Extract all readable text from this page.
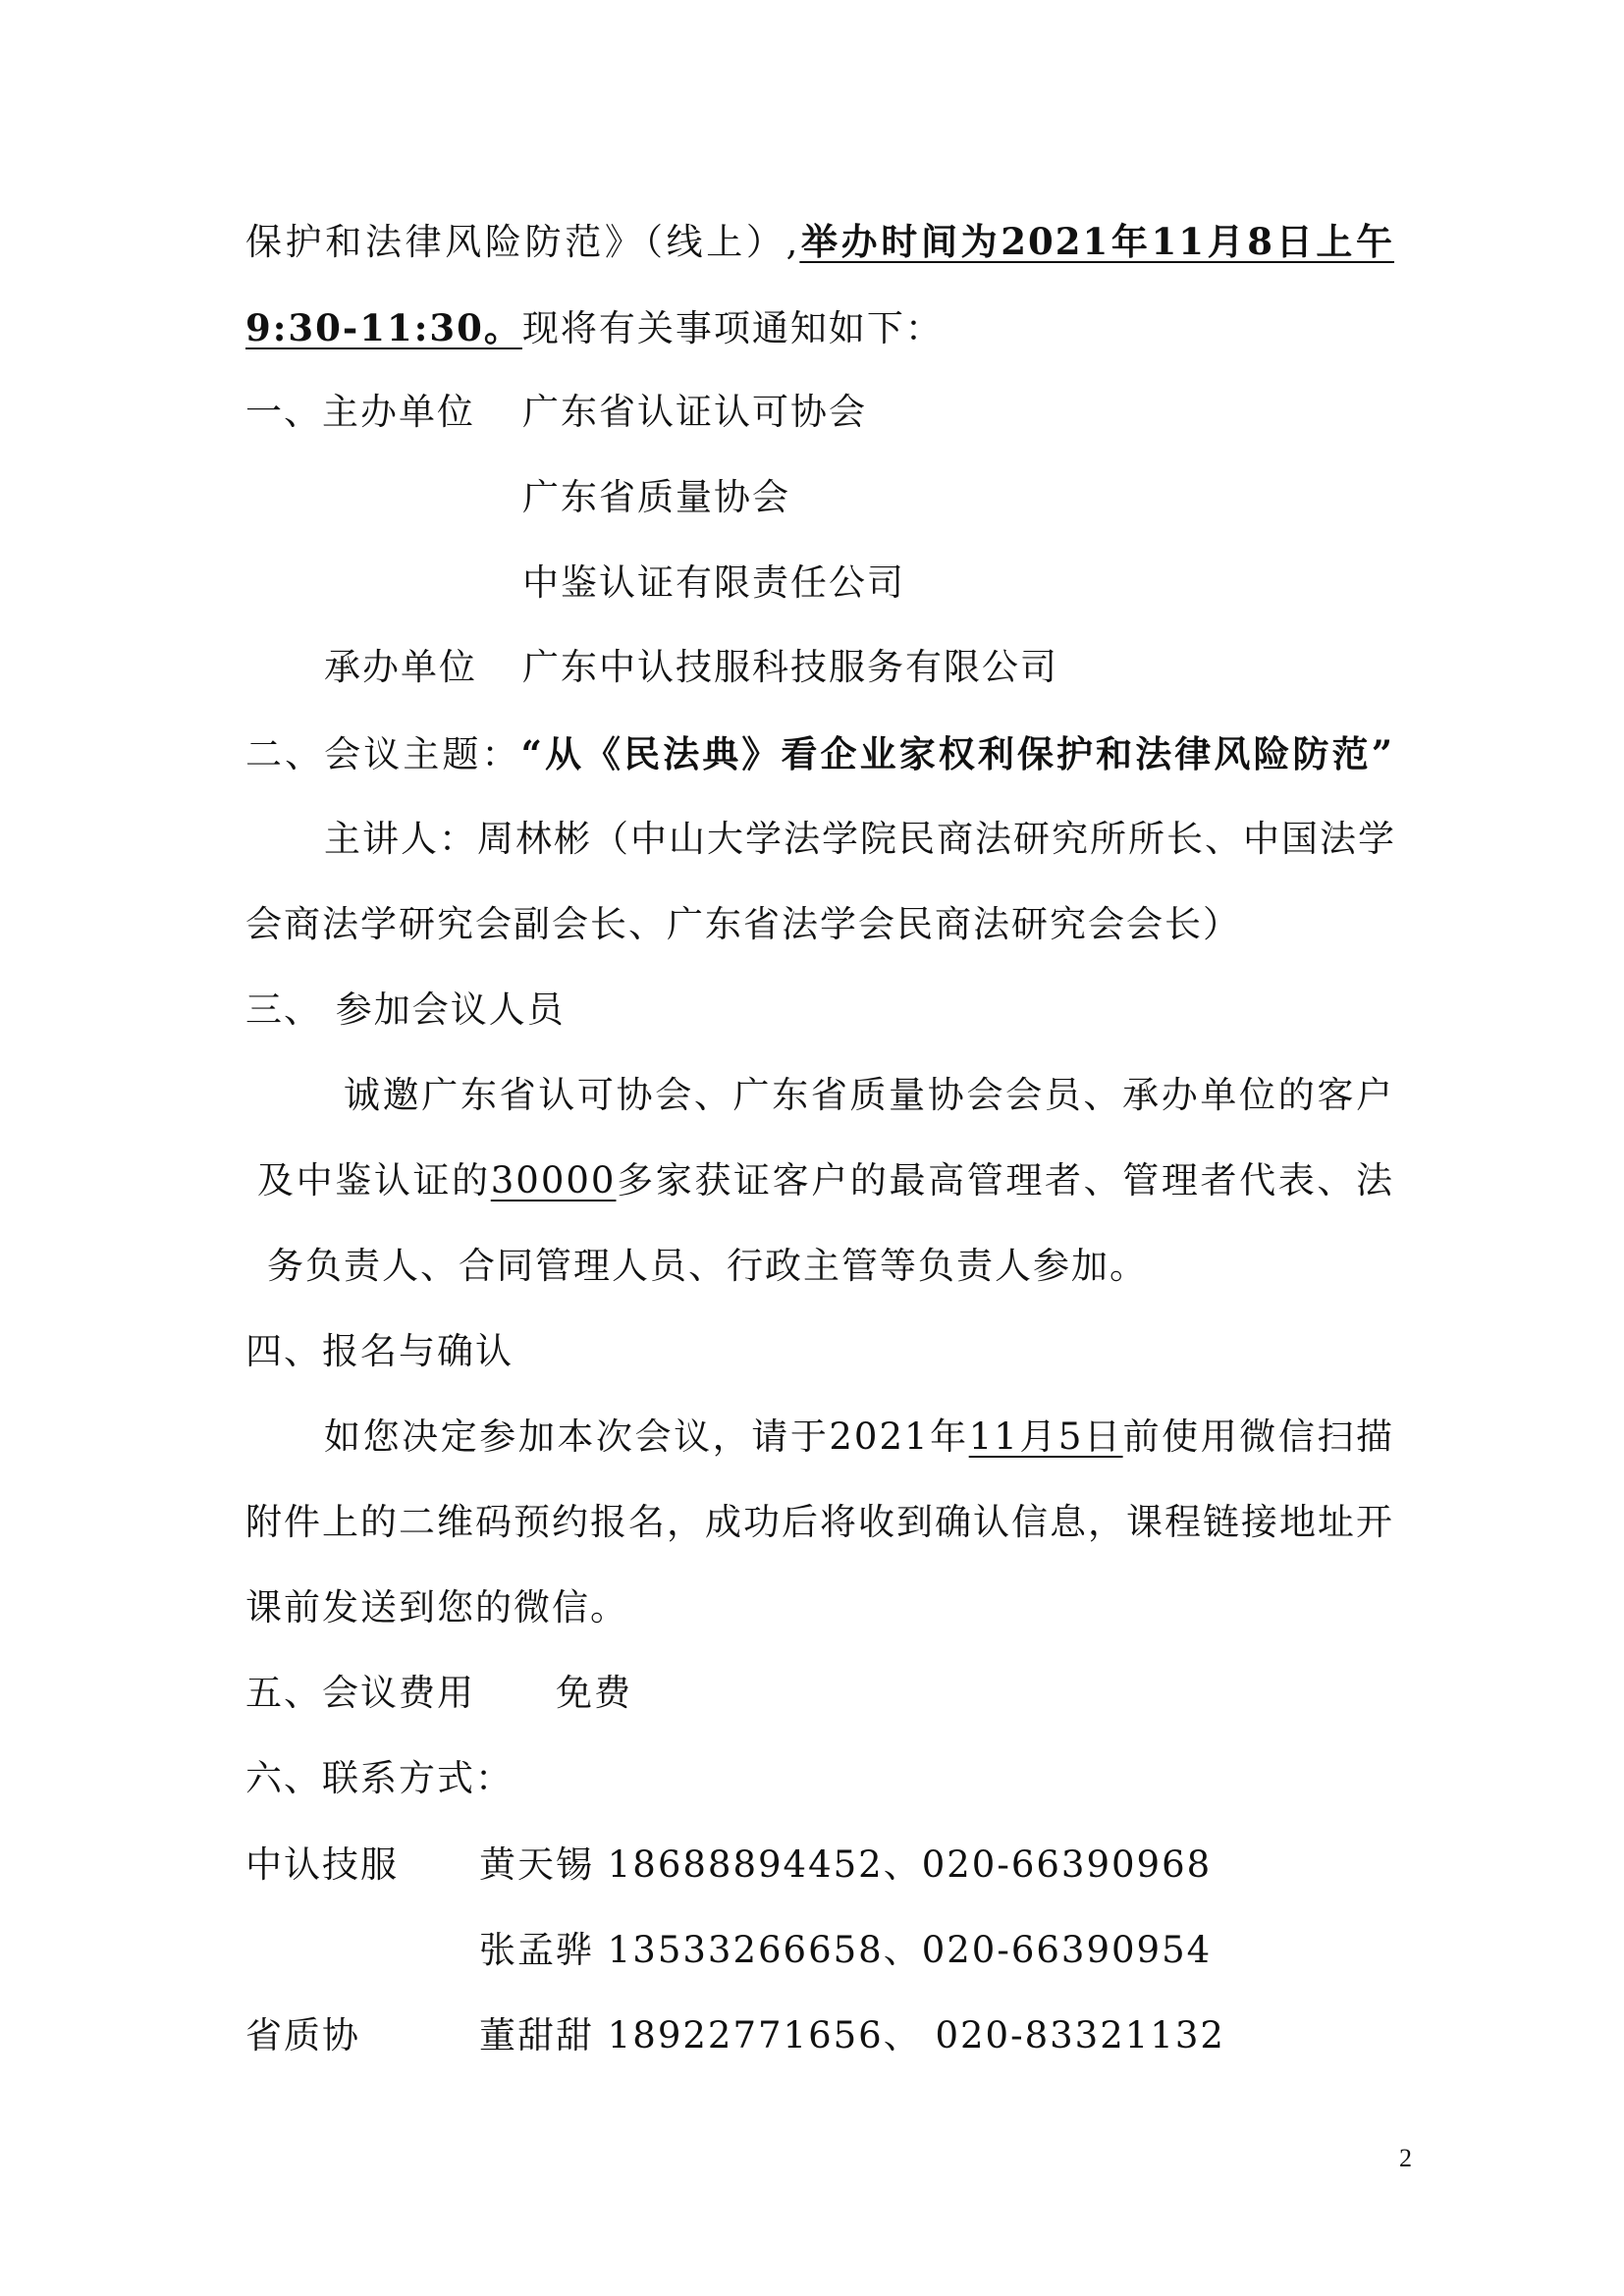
保护和法律风险防范》（线上）,举办时间为2021年11月8日上午
9:30-11:30。现将有关事项通知如下：
一、主办单位 广东省认证认可协会
广东省质量协会
中鉴认证有限责任公司
承办单位 广东中认技服科技服务有限公司
二、会议主题：“从《民法典》看企业家权利保护和法律风险防范”
主讲人：周林彬（中山大学法学院民商法研究所所长、中国法学
会商法学研究会副会长、广东省法学会民商法研究会会长）
三、 参加会议人员
诚邀广东省认可协会、广东省质量协会会员、承办单位的客户
及中鉴认证的30000多家获证客户的最高管理者、管理者代表、法
务负责人、合同管理人员、行政主管等负责人参加。
四、报名与确认
如您决定参加本次会议，请于2021年11月5日前使用微信扫描
附件上的二维码预约报名，成功后将收到确认信息，课程链接地址开
课前发送到您的微信。
五、会议费用 免费
六、联系方式：
中认技服 黄天锡 18688894452、020-66390968
张孟骅 13533266658、020-66390954
省质协	董甜甜 18922771656、 020-83321132
2
